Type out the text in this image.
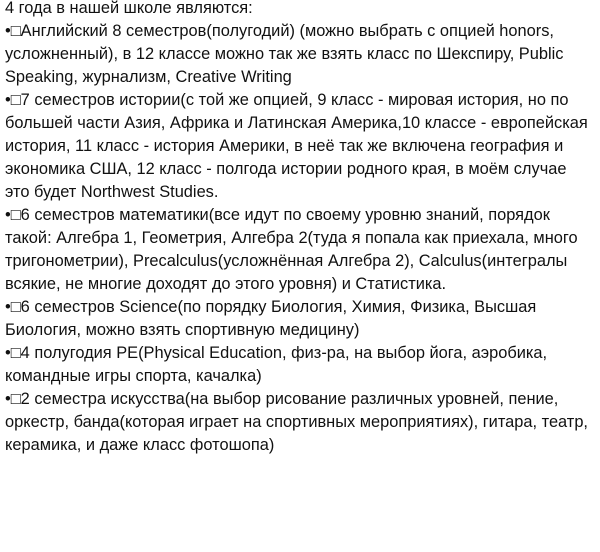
4 года в нашей школе являются:

•□Английский 8 семестров(полугодий) (можно выбрать с опцией honors, усложненный), в 12 классе можно так же взять класс по Шекспиру, Public Speaking, журнализм, Creative Writing
•□7 семестров истории(с той же опцией, 9 класс - мировая история, но по большей части Азия, Африка и Латинская Америка,10 классе - европейская история, 11 класс - история Америки, в неё так же включена география и экономика США, 12 класс - полгода истории родного края, в моём случае это будет Northwest Studies.
•□6 семестров математики(все идут по своему уровню знаний, порядок такой: Алгебра 1, Геометрия, Алгебра 2(туда я попала как приехала, много тригонометрии), Precalculus(усложнённая Алгебра 2), Calculus(интегралы всякие, не многие доходят до этого уровня) и Статистика.
•□6 семестров Science(по порядку Биология, Химия, Физика, Высшая Биология, можно взять спортивную медицину)
•□4 полугодия PE(Physical Education, физ-ра, на выбор йога, аэробика, командные игры спорта, качалка)
•□2 семестра искусства(на выбор рисование различных уровней, пение, оркестр, банда(которая играет на спортивных мероприятиях), гитара, театр, керамика, и даже класс фотошопа)
